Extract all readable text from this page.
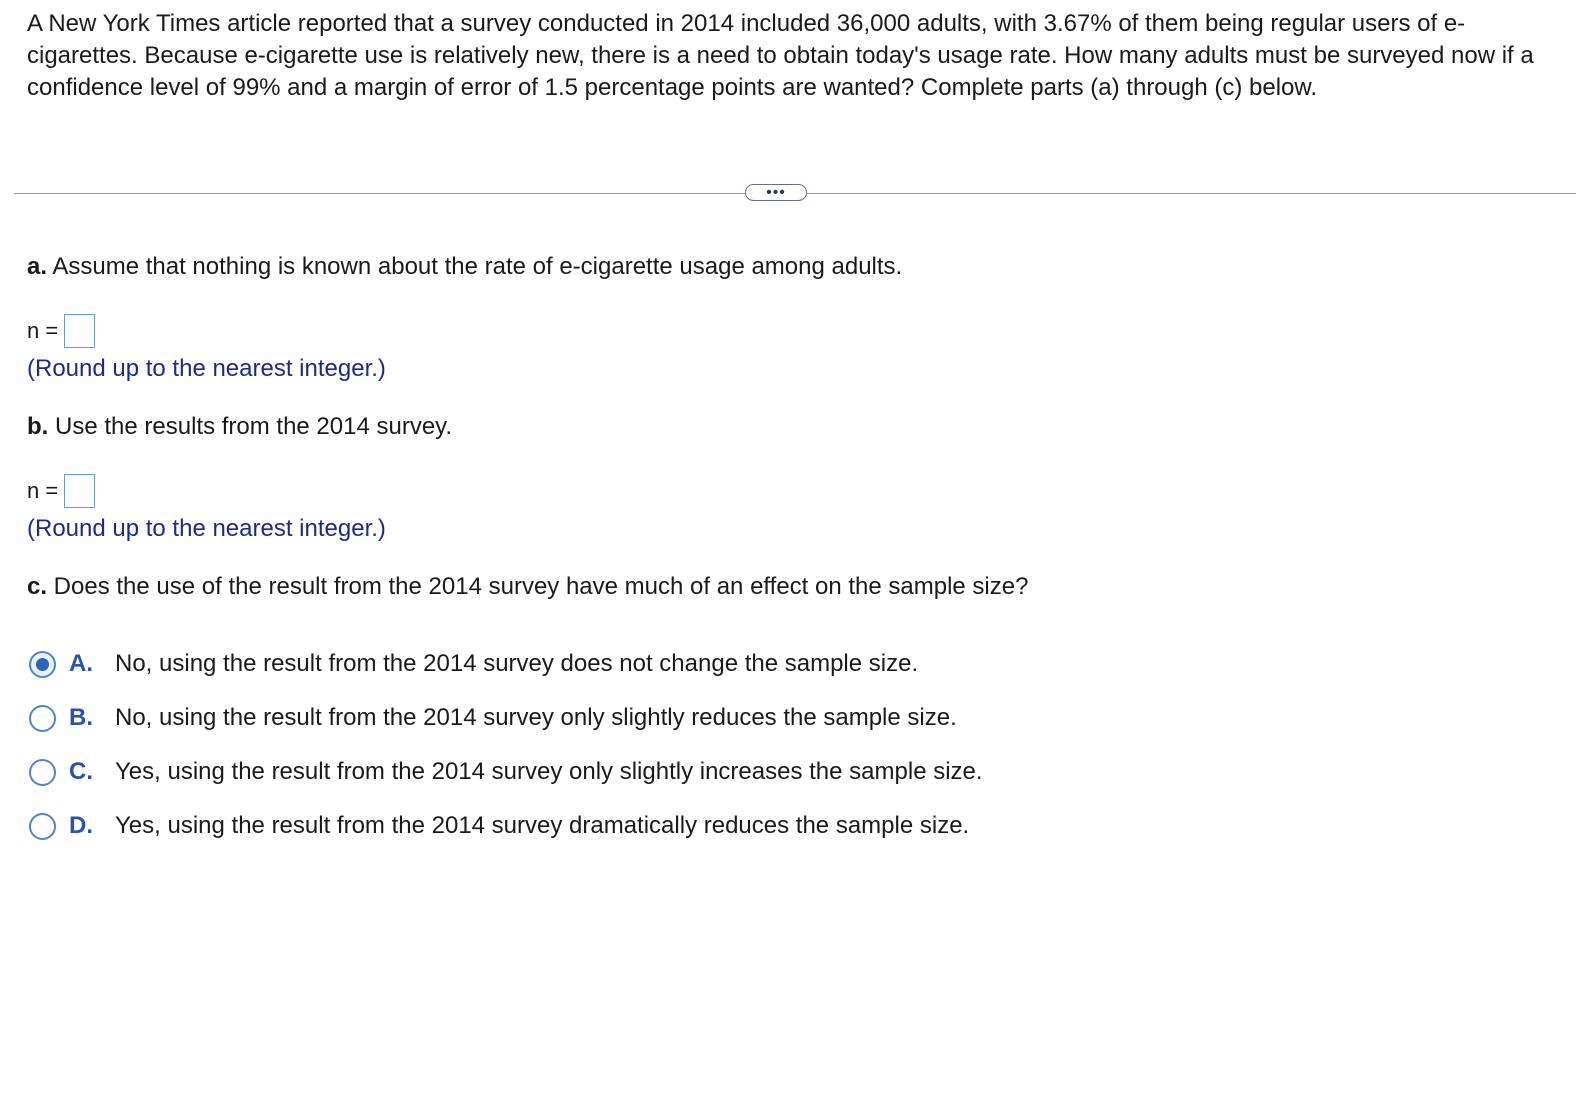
A New York Times article reported that a survey conducted in 2014 included 36,000 adults, with 3.67% of them being regular users of e-cigarettes. Because e-cigarette use is relatively new, there is a need to obtain today's usage rate. How many adults must be surveyed now if a confidence level of 99% and a margin of error of 1.5 percentage points are wanted? Complete parts (a) through (c) below.

•••

a. Assume that nothing is known about the rate of e-cigarette usage among adults.

n =
(Round up to the nearest integer.)

b. Use the results from the 2014 survey.

n =
(Round up to the nearest integer.)

c. Does the use of the result from the 2014 survey have much of an effect on the sample size?

A. No, using the result from the 2014 survey does not change the sample size.
B. No, using the result from the 2014 survey only slightly reduces the sample size.
C. Yes, using the result from the 2014 survey only slightly increases the sample size.
D. Yes, using the result from the 2014 survey dramatically reduces the sample size.
